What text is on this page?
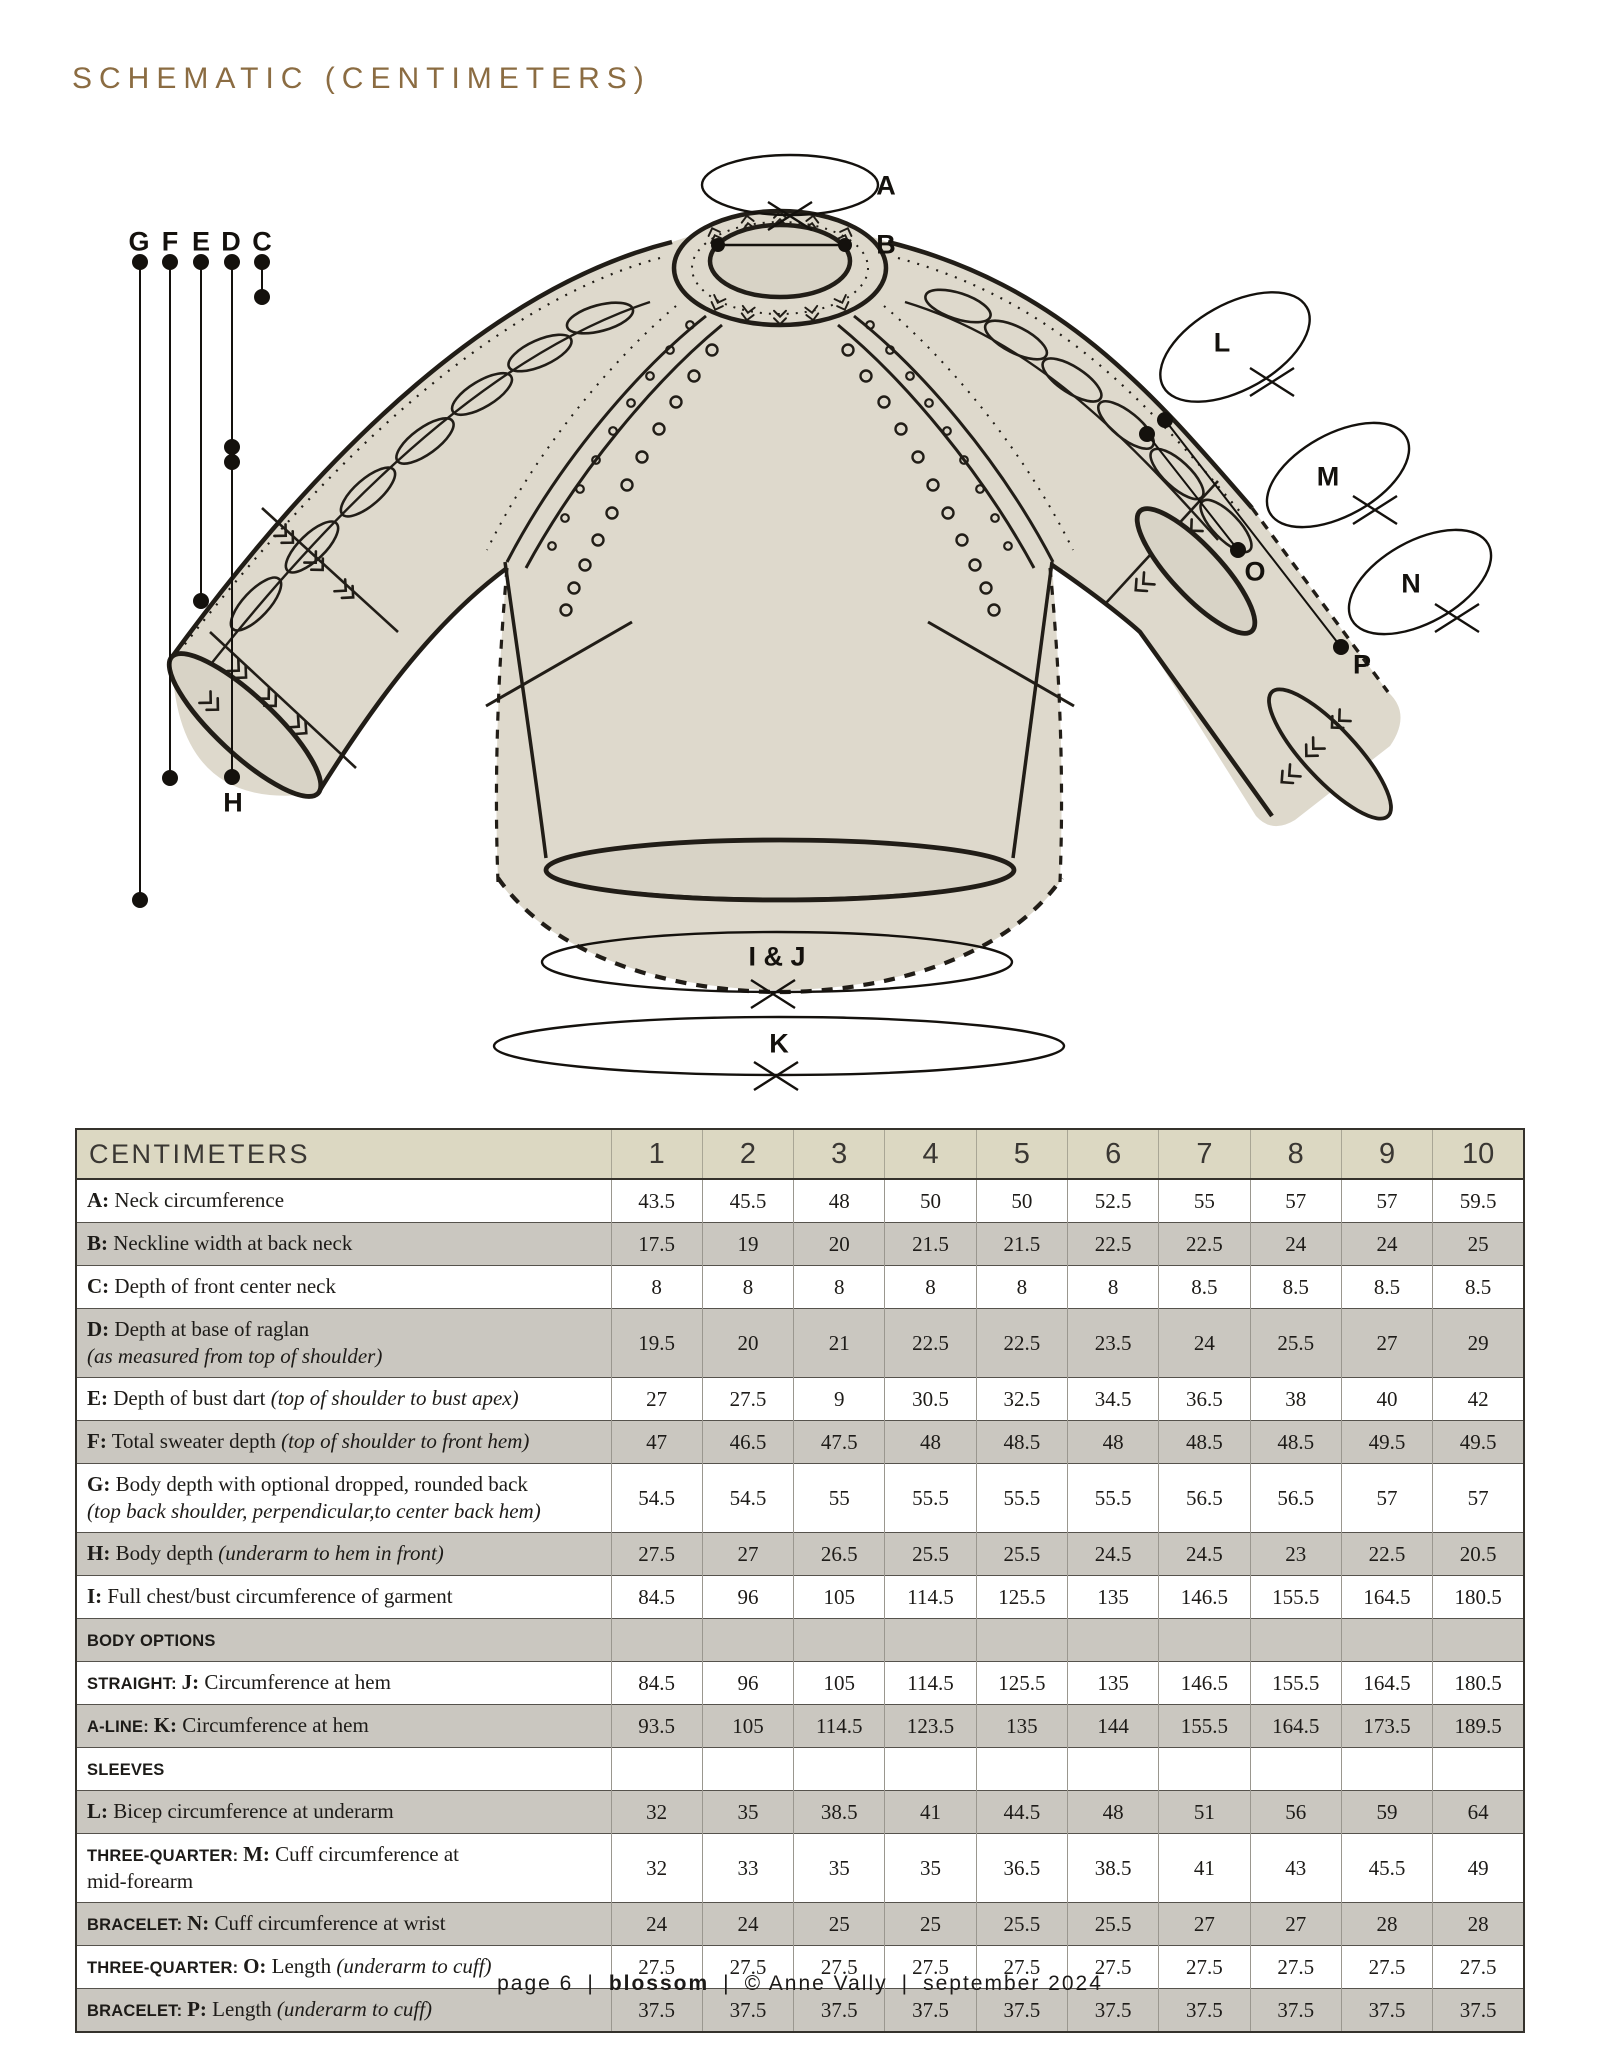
SCHEMATIC (CENTIMETERS)
A
B
G F E D C
H
L
M
N
O
P
I & J
K
CENTIMETERS	1	2	3	4	5	6	7	8	9	10
A: Neck circumference	43.5	45.5	48	50	50	52.5	55	57	57	59.5
B: Neckline width at back neck	17.5	19	20	21.5	21.5	22.5	22.5	24	24	25
C: Depth of front center neck	8	8	8	8	8	8	8.5	8.5	8.5	8.5
D: Depth at base of raglan
(as measured from top of shoulder)	19.5	20	21	22.5	22.5	23.5	24	25.5	27	29
E: Depth of bust dart (top of shoulder to bust apex)	27	27.5	9	30.5	32.5	34.5	36.5	38	40	42
F: Total sweater depth (top of shoulder to front hem)	47	46.5	47.5	48	48.5	48	48.5	48.5	49.5	49.5
G: Body depth with optional dropped, rounded back
(top back shoulder, perpendicular,to center back hem)	54.5	54.5	55	55.5	55.5	55.5	56.5	56.5	57	57
H: Body depth (underarm to hem in front)	27.5	27	26.5	25.5	25.5	24.5	24.5	23	22.5	20.5
I: Full chest/bust circumference of garment	84.5	96	105	114.5	125.5	135	146.5	155.5	164.5	180.5
BODY OPTIONS										
STRAIGHT: J: Circumference at hem	84.5	96	105	114.5	125.5	135	146.5	155.5	164.5	180.5
A-LINE: K: Circumference at hem	93.5	105	114.5	123.5	135	144	155.5	164.5	173.5	189.5
SLEEVES										
L: Bicep circumference at underarm	32	35	38.5	41	44.5	48	51	56	59	64
THREE-QUARTER: M: Cuff circumference at
mid-forearm	32	33	35	35	36.5	38.5	41	43	45.5	49
BRACELET: N: Cuff circumference at wrist	24	24	25	25	25.5	25.5	27	27	28	28
THREE-QUARTER: O: Length (underarm to cuff)	27.5	27.5	27.5	27.5	27.5	27.5	27.5	27.5	27.5	27.5
BRACELET: P: Length (underarm to cuff)	37.5	37.5	37.5	37.5	37.5	37.5	37.5	37.5	37.5	37.5
page 6 | blossom | © Anne Vally | september 2024
